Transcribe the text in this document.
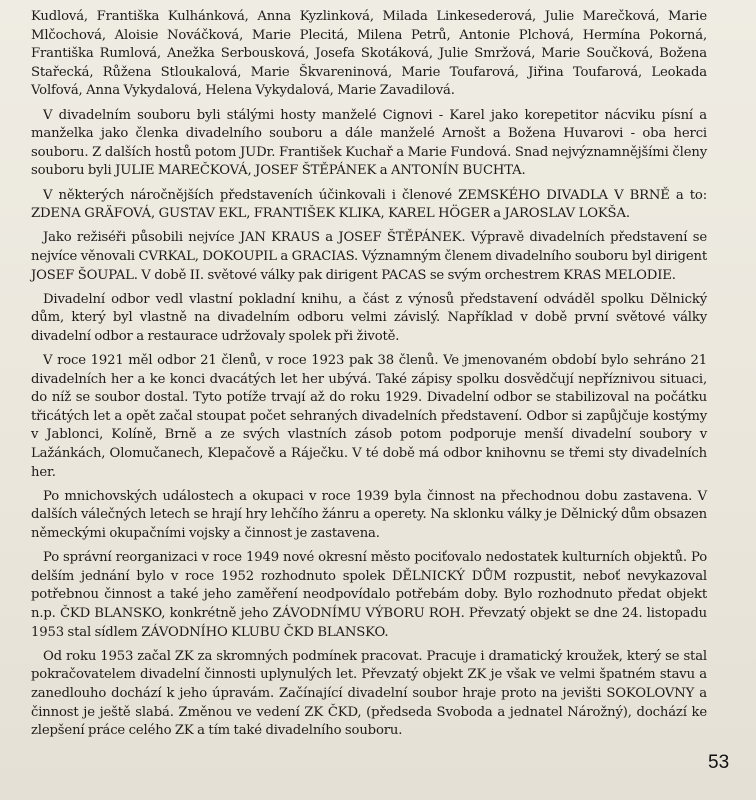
Kudlová, Františka Kulhánková, Anna Kyzlinková, Milada Linkesederová, Julie Marečková, Marie Mlčochová, Aloisie Nováčková, Marie Plecitá, Milena Petrů, Antonie Plchová, Hermína Pokorná, Františka Rumlová, Anežka Serbousková, Josefa Skotáková, Julie Smržová, Marie Součková, Božena Stařecká, Růžena Stloukalová, Marie Škvareninová, Marie Toufarová, Jiřina Toufarová, Leokada Volfová, Anna Vykydalová, Helena Vykydalová, Marie Zavadilová.

V divadelním souboru byli stálými hosty manželé Cignovi - Karel jako korepetitor nácviku písní a manželka jako členka divadelního souboru a dále manželé Arnošt a Božena Huvarovi - oba herci souboru. Z dalších hostů potom JUDr. František Kuchař a Marie Fundová. Snad nejvýznamnějšími členy souboru byli JULIE MAREČKOVÁ, JOSEF ŠTĚPÁNEK a ANTONÍN BUCHTA.

V některých náročnějších představeních účinkovali i členové ZEMSKÉHO DIVADLA V BRNĚ a to: ZDENA GRÄFOVÁ, GUSTAV EKL, FRANTIŠEK KLIKA, KAREL HÖGER a JAROSLAV LOKŠA.

Jako režiséři působili nejvíce JAN KRAUS a JOSEF ŠTĚPÁNEK. Výpravě divadelních představení se nejvíce věnovali CVRKAL, DOKOUPIL a GRACIAS. Významným členem divadelního souboru byl dirigent JOSEF ŠOUPAL. V době II. světové války pak dirigent PACAS se svým orchestrem KRAS MELODIE.

Divadelní odbor vedl vlastní pokladní knihu, a část z výnosů představení odváděl spolku Dělnický dům, který byl vlastně na divadelním odboru velmi závislý. Například v době první světové války divadelní odbor a restaurace udržovaly spolek při životě.

V roce 1921 měl odbor 21 členů, v roce 1923 pak 38 členů. Ve jmenovaném období bylo sehráno 21 divadelních her a ke konci dvacátých let her ubývá. Také zápisy spolku dosvědčují nepříznivou situaci, do níž se soubor dostal. Tyto potíže trvají až do roku 1929. Divadelní odbor se stabilizoval na počátku třicátých let a opět začal stoupat počet sehraných divadelních představení. Odbor si zapůjčuje kostýmy v Jablonci, Kolíně, Brně a ze svých vlastních zásob potom podporuje menší divadelní soubory v Lažánkách, Olomučanech, Klepačově a Ráječku. V té době má odbor knihovnu se třemi sty divadelních her.

Po mnichovských událostech a okupaci v roce 1939 byla činnost na přechodnou dobu zastavena. V dalších válečných letech se hrají hry lehčího žánru a operety. Na sklonku války je Dělnický dům obsazen německými okupačními vojsky a činnost je zastavena.

Po správní reorganizaci v roce 1949 nové okresní město pociťovalo nedostatek kulturních objektů. Po delším jednání bylo v roce 1952 rozhodnuto spolek DĚLNICKÝ DŮM rozpustit, neboť nevykazoval potřebnou činnost a také jeho zaměření neodpovídalo potřebám doby. Bylo rozhodnuto předat objekt n.p. ČKD BLANSKO, konkrétně jeho ZÁVODNÍMU VÝBORU ROH. Převzatý objekt se dne 24. listopadu 1953 stal sídlem ZÁVODNÍHO KLUBU ČKD BLANSKO.

Od roku 1953 začal ZK za skromných podmínek pracovat. Pracuje i dramatický kroužek, který se stal pokračovatelem divadelní činnosti uplynulých let. Převzatý objekt ZK je však ve velmi špatném stavu a zanedlouho dochází k jeho úpravám. Začínající divadelní soubor hraje proto na jevišti SOKOLOVNY a činnost je ještě slabá. Změnou ve vedení ZK ČKD, (předseda Svoboda a jednatel Nárožný), dochází ke zlepšení práce celého ZK a tím také divadelního souboru.

53
